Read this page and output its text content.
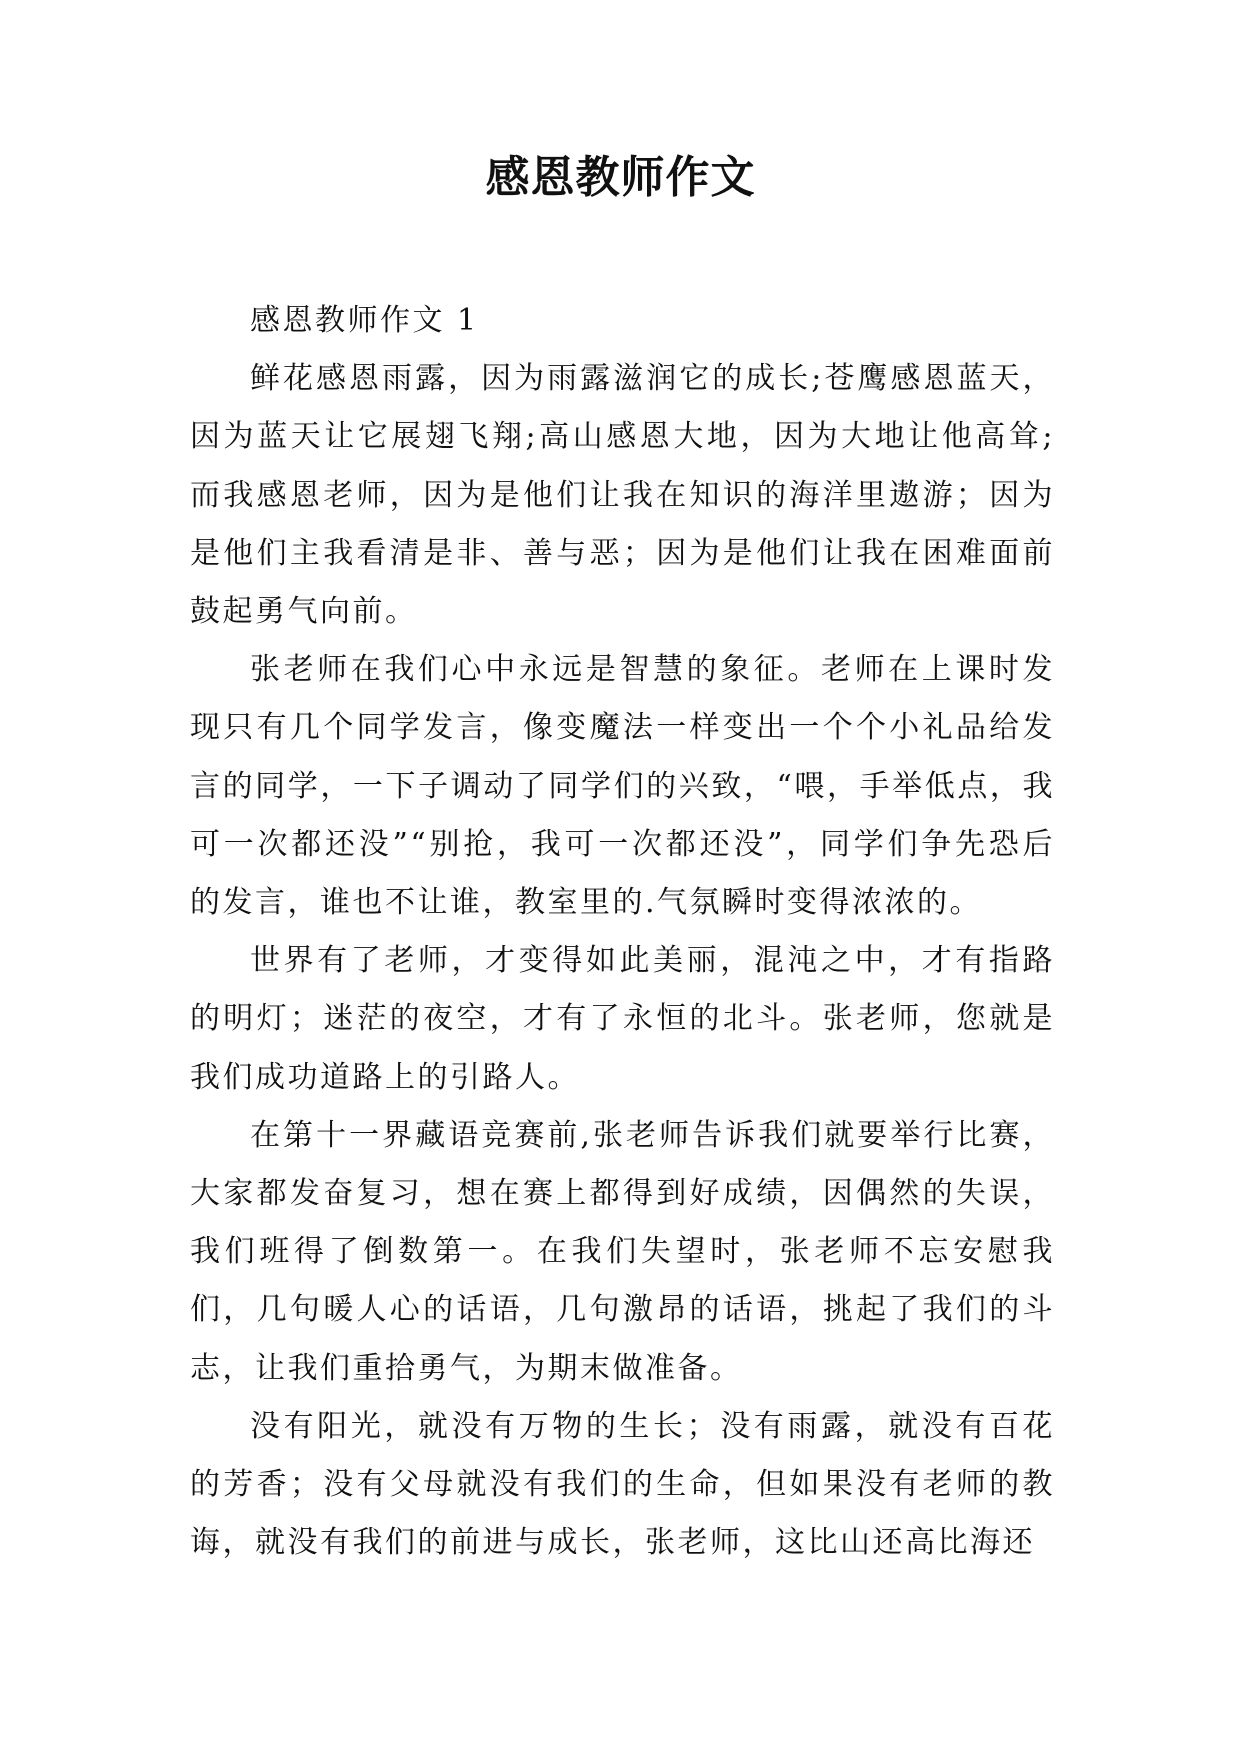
感恩教师作文

感恩教师作文 1

鲜花感恩雨露，因为雨露滋润它的成长;苍鹰感恩蓝天，因为蓝天让它展翅飞翔;高山感恩大地，因为大地让他高耸;而我感恩老师，因为是他们让我在知识的海洋里遨游；因为是他们主我看清是非、善与恶；因为是他们让我在困难面前鼓起勇气向前。

张老师在我们心中永远是智慧的象征。老师在上课时发现只有几个同学发言，像变魔法一样变出一个个小礼品给发言的同学，一下子调动了同学们的兴致，“喂，手举低点，我可一次都还没”“别抢，我可一次都还没”，同学们争先恐后的发言，谁也不让谁，教室里的.气氛瞬时变得浓浓的。

世界有了老师，才变得如此美丽，混沌之中，才有指路的明灯；迷茫的夜空，才有了永恒的北斗。张老师，您就是我们成功道路上的引路人。

在第十一界藏语竞赛前,张老师告诉我们就要举行比赛，大家都发奋复习，想在赛上都得到好成绩，因偶然的失误，我们班得了倒数第一。在我们失望时，张老师不忘安慰我们，几句暖人心的话语，几句激昂的话语，挑起了我们的斗志，让我们重拾勇气，为期末做准备。

没有阳光，就没有万物的生长；没有雨露，就没有百花的芳香；没有父母就没有我们的生命，但如果没有老师的教诲，就没有我们的前进与成长，张老师，这比山还高比海还
